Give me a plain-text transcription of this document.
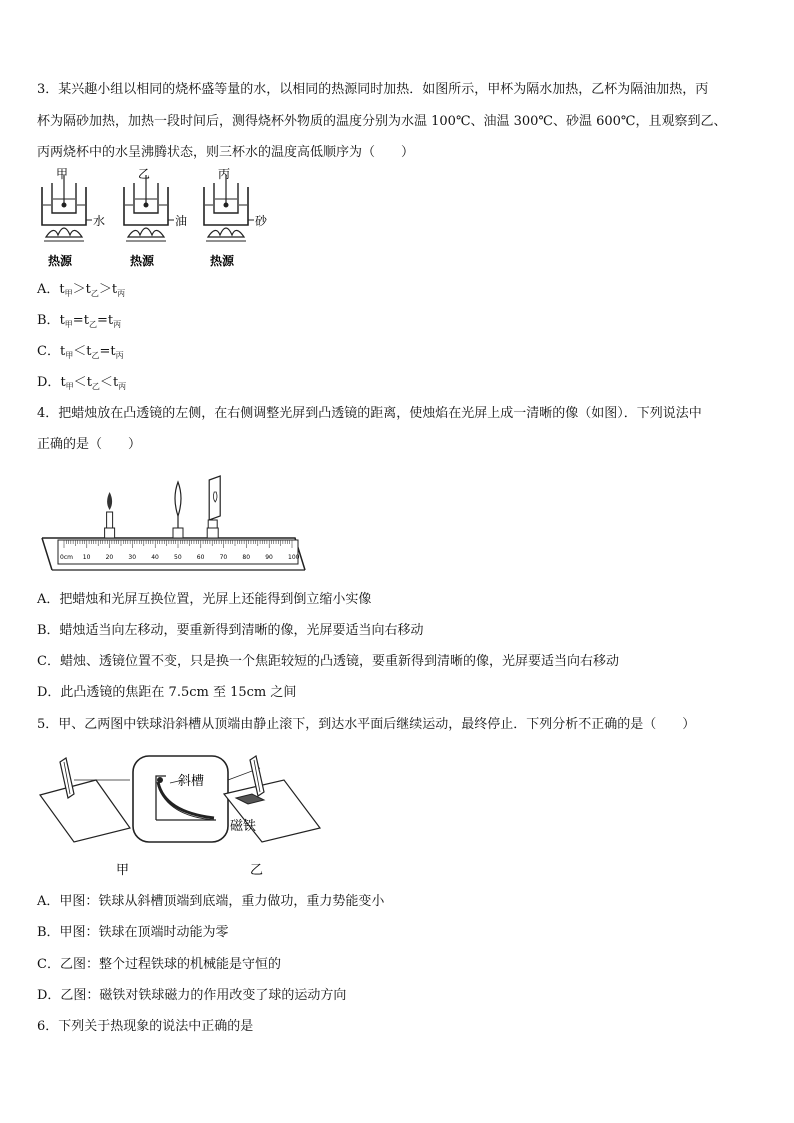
3．某兴趣小组以相同的烧杯盛等量的水，以相同的热源同时加热．如图所示，甲杯为隔水加热，乙杯为隔油加热，丙
杯为隔砂加热，加热一段时间后，测得烧杯外物质的温度分别为水温 100℃、油温 300℃、砂温 600℃，且观察到乙、
丙两烧杯中的水呈沸腾状态，则三杯水的温度高低顺序为（　　）
甲
水
热源
乙
油
热源
丙
砂
热源
A．$t_甲>t_乙>t_丙$
B．$t_甲=t_乙=t_丙$
C．$t_甲<t_乙=t_丙$
D．$t_甲<t_乙<t_丙$
4．把蜡烛放在凸透镜的左侧，在右侧调整光屏到凸透镜的距离，使烛焰在光屏上成一清晰的像（如图）．下列说法中
正确的是（　　）
0cm 10	20	30	40	50	60	70	80	90	100
A．把蜡烛和光屏互换位置，光屏上还能得到倒立缩小实像
B．蜡烛适当向左移动，要重新得到清晰的像，光屏要适当向右移动
C．蜡烛、透镜位置不变，只是换一个焦距较短的凸透镜，要重新得到清晰的像，光屏要适当向右移动
D．此凸透镜的焦距在 7.5cm 至 15cm 之间
5．甲、乙两图中铁球沿斜槽从顶端由静止滚下，到达水平面后继续运动，最终停止．下列分析不正确的是（　　）
斜槽
磁铁
甲	乙
A．甲图：铁球从斜槽顶端到底端，重力做功，重力势能变小
B．甲图：铁球在顶端时动能为零
C．乙图：整个过程铁球的机械能是守恒的
D．乙图：磁铁对铁球磁力的作用改变了球的运动方向
6．下列关于热现象的说法中正确的是
